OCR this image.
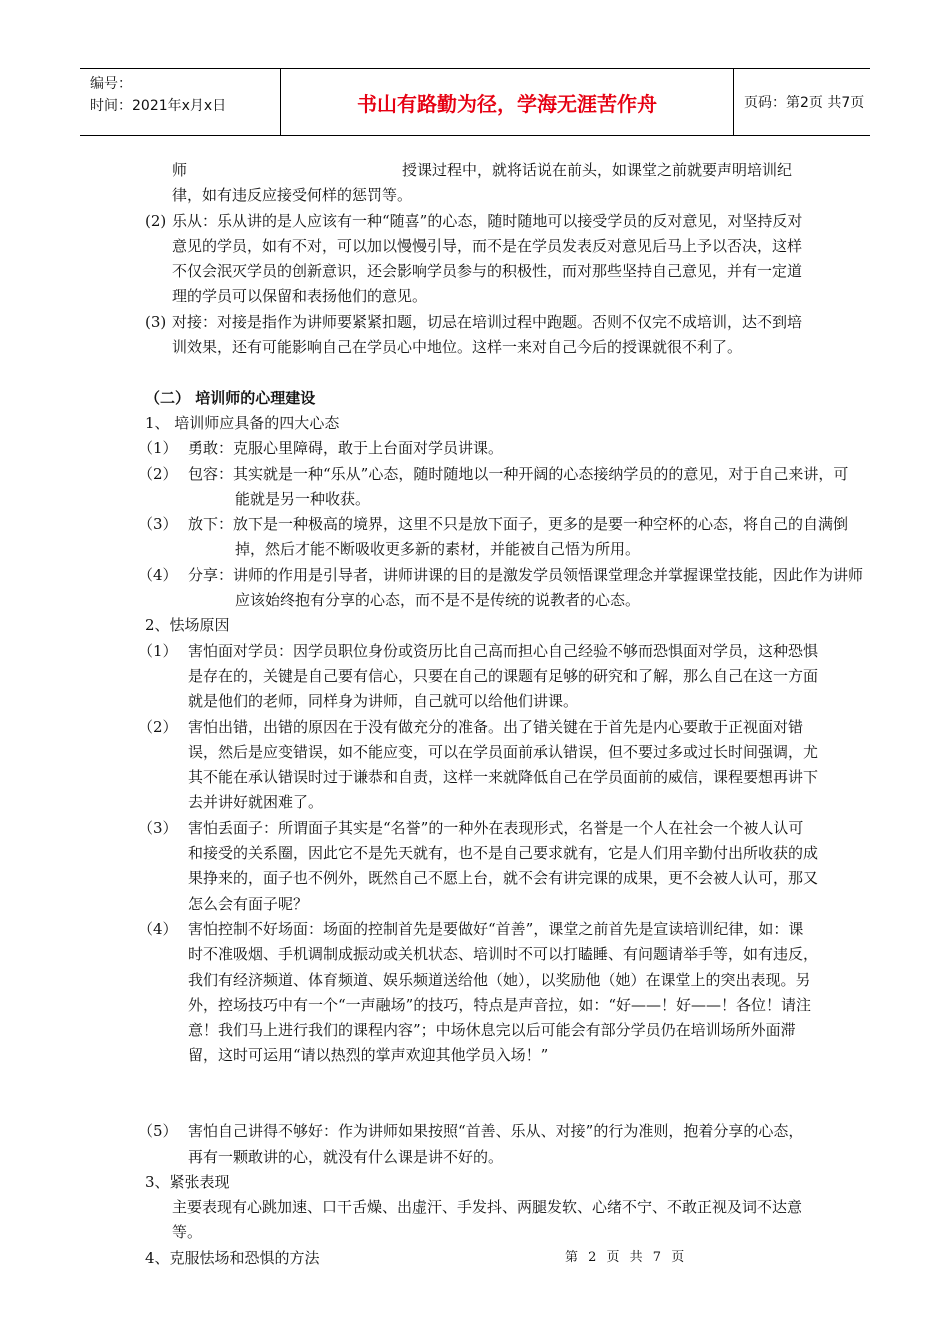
编号：
时间：2021年x月x日	书山有路勤为径，学海无涯苦作舟	页码：第2页 共7页
师	授课过程中，就将话说在前头，如课堂之前就要声明培训纪律，如有违反应接受何样的惩罚等。
(2) 乐从：乐从讲的是人应该有一种“随喜”的心态，随时随地可以接受学员的反对意见，对坚持反对意见的学员，如有不对，可以加以慢慢引导，而不是在学员发表反对意见后马上予以否决，这样不仅会泯灭学员的创新意识，还会影响学员参与的积极性，而对那些坚持自己意见，并有一定道理的学员可以保留和表扬他们的意见。
(3) 对接：对接是指作为讲师要紧紧扣题，切忌在培训过程中跑题。否则不仅完不成培训，达不到培训效果，还有可能影响自己在学员心中地位。这样一来对自己今后的授课就很不利了。
（二） 培训师的心理建设
1、 培训师应具备的四大心态
（1） 勇敢：克服心里障碍，敢于上台面对学员讲课。
（2） 包容：其实就是一种“乐从”心态，随时随地以一种开阔的心态接纳学员的的意见，对于自己来讲，可能就是另一种收获。
（3） 放下：放下是一种极高的境界，这里不只是放下面子，更多的是要一种空杯的心态，将自己的自满倒掉，然后才能不断吸收更多新的素材，并能被自己悟为所用。
（4） 分享：讲师的作用是引导者，讲师讲课的目的是激发学员领悟课堂理念并掌握课堂技能，因此作为讲师应该始终抱有分享的心态，而不是不是传统的说教者的心态。
2、怯场原因
（1） 害怕面对学员：因学员职位身份或资历比自己高而担心自己经验不够而恐惧面对学员，这种恐惧是存在的，关键是自己要有信心，只要在自己的课题有足够的研究和了解，那么自己在这一方面就是他们的老师，同样身为讲师，自己就可以给他们讲课。
（2） 害怕出错，出错的原因在于没有做充分的准备。出了错关键在于首先是内心要敢于正视面对错误，然后是应变错误，如不能应变，可以在学员面前承认错误，但不要过多或过长时间强调，尤其不能在承认错误时过于谦恭和自责，这样一来就降低自己在学员面前的威信，课程要想再讲下去并讲好就困难了。
（3） 害怕丢面子：所谓面子其实是“名誉”的一种外在表现形式，名誉是一个人在社会一个被人认可和接受的关系圈，因此它不是先天就有，也不是自己要求就有，它是人们用辛勤付出所收获的成果挣来的，面子也不例外，既然自己不愿上台，就不会有讲完课的成果，更不会被人认可，那又怎么会有面子呢？
（4） 害怕控制不好场面：场面的控制首先是要做好“首善”，课堂之前首先是宣读培训纪律，如：课时不准吸烟、手机调制成振动或关机状态、培训时不可以打瞌睡、有问题请举手等，如有违反，我们有经济频道、体育频道、娱乐频道送给他（她），以奖励他（她）在课堂上的突出表现。另外，控场技巧中有一个“一声融场”的技巧，特点是声音拉，如：“好——！好——！各位！请注意！我们马上进行我们的课程内容”；中场休息完以后可能会有部分学员仍在培训场所外面滞留，这时可运用“请以热烈的掌声欢迎其他学员入场！”
（5） 害怕自己讲得不够好：作为讲师如果按照“首善、乐从、对接”的行为准则，抱着分享的心态，再有一颗敢讲的心，就没有什么课是讲不好的。
3、紧张表现
主要表现有心跳加速、口干舌燥、出虚汗、手发抖、两腿发软、心绪不宁、不敢正视及词不达意等。
4、克服怯场和恐惧的方法	第 2 页 共 7 页
